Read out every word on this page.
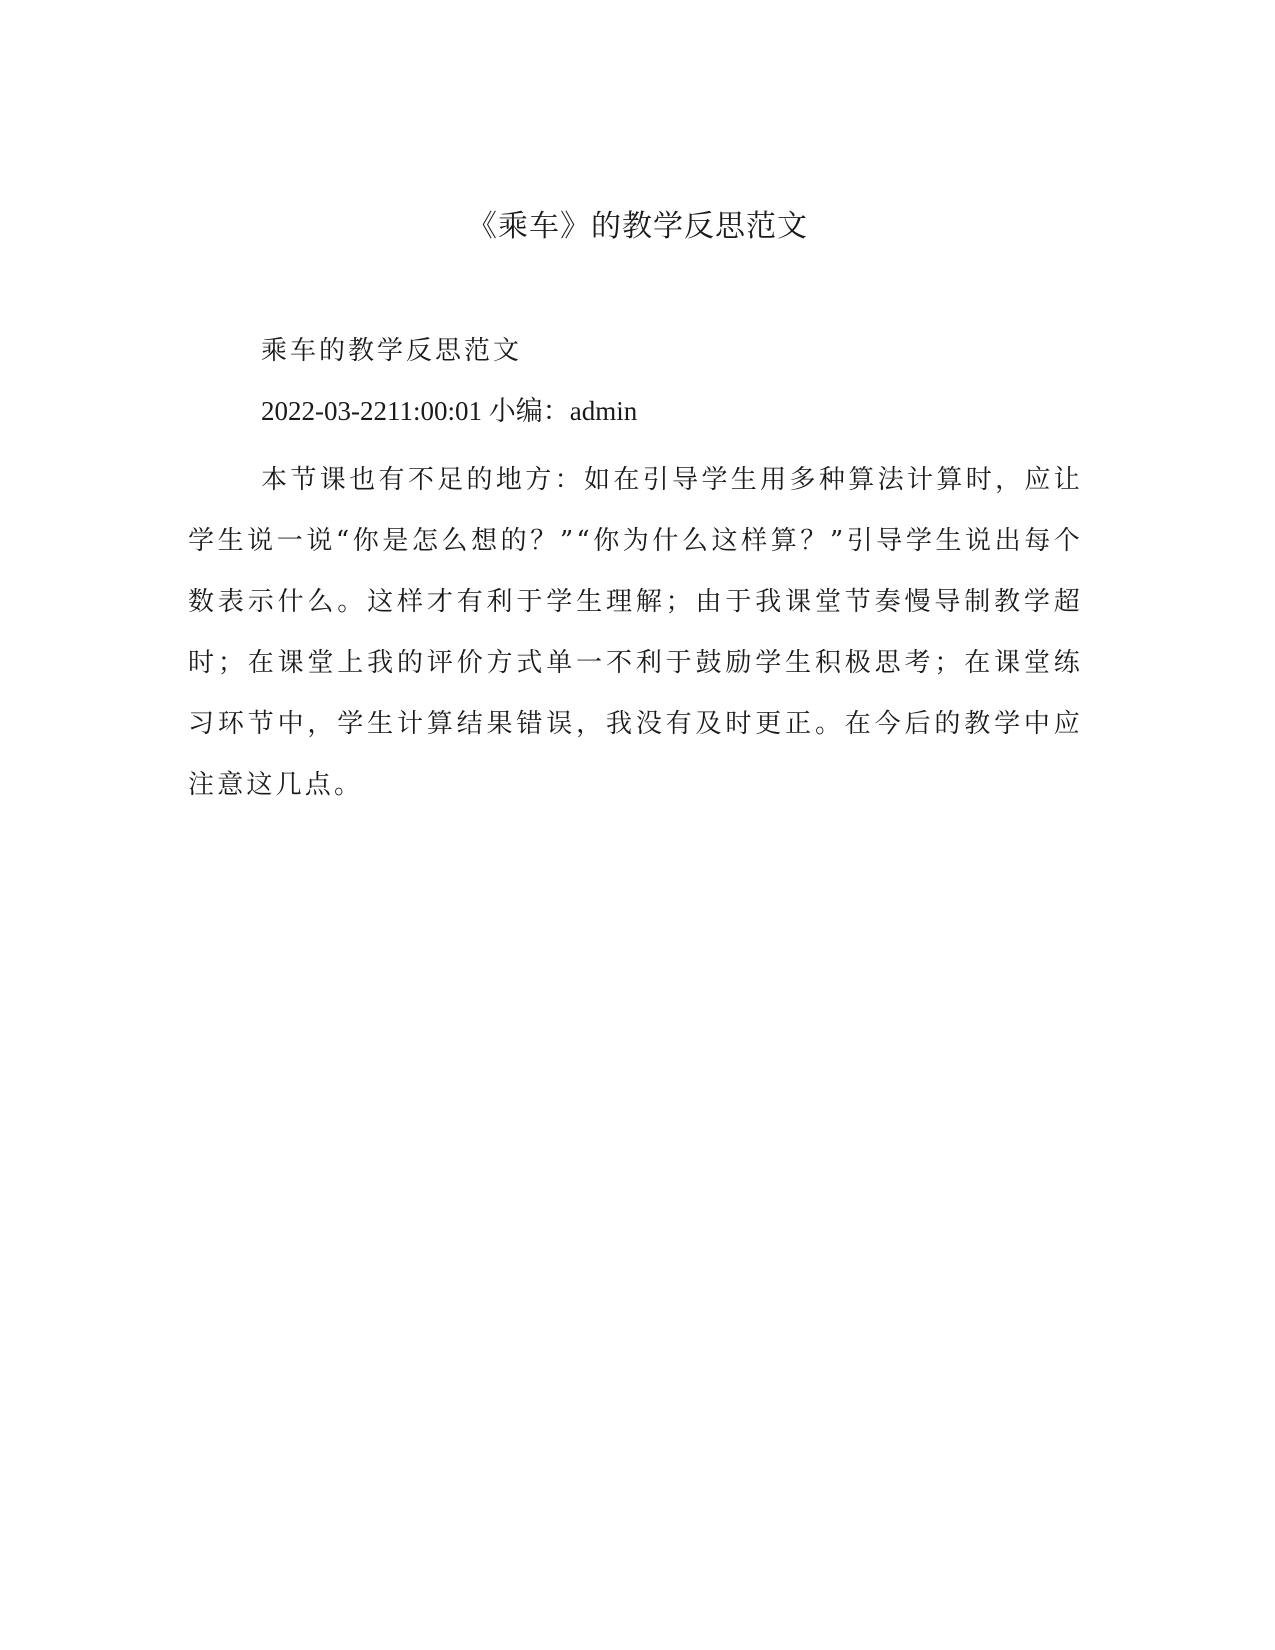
《乘车》的教学反思范文

乘车的教学反思范文

2022-03-2211:00:01 小编：admin

本节课也有不足的地方：如在引导学生用多种算法计算时，应让学生说一说“你是怎么想的？”“你为什么这样算？”引导学生说出每个数表示什么。这样才有利于学生理解；由于我课堂节奏慢导制教学超时；在课堂上我的评价方式单一不利于鼓励学生积极思考；在课堂练习环节中，学生计算结果错误，我没有及时更正。在今后的教学中应注意这几点。
